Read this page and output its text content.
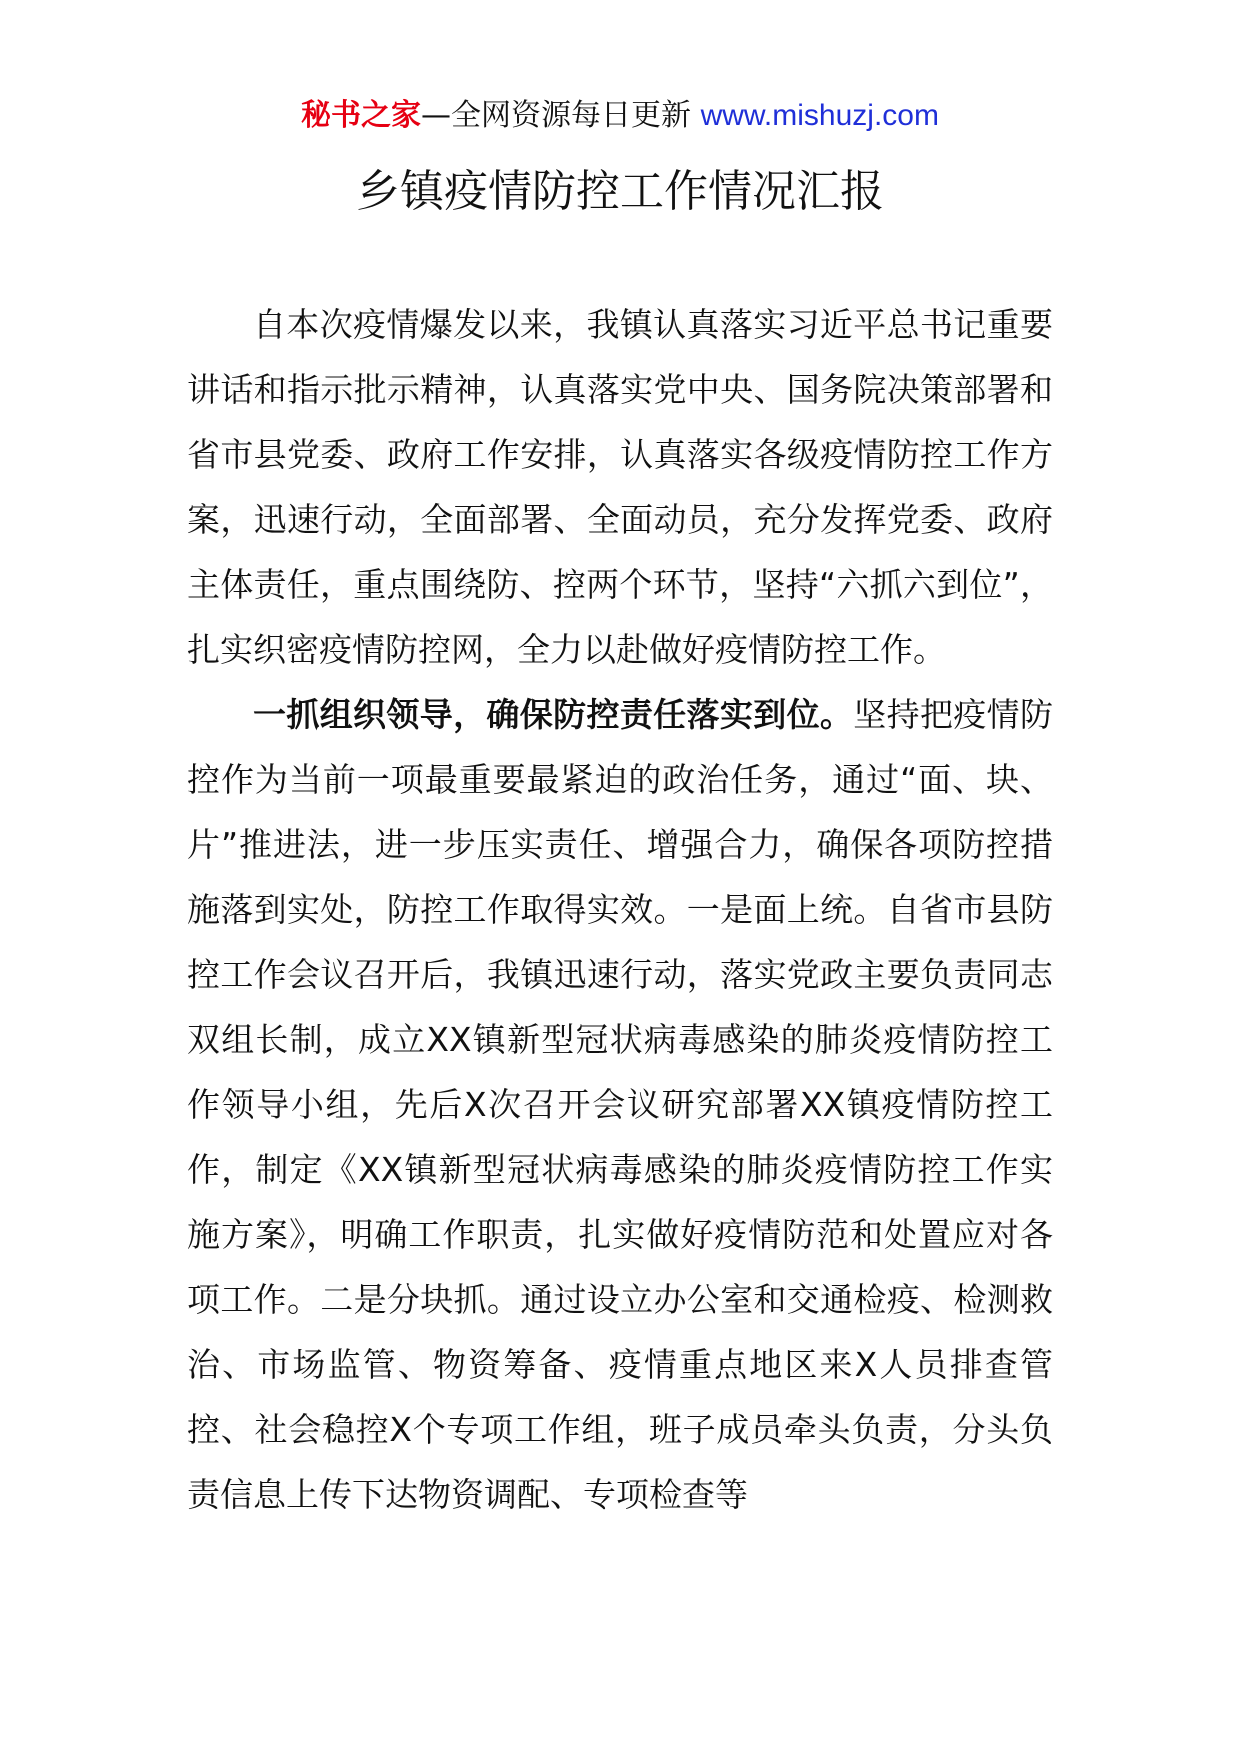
秘书之家—全网资源每日更新 www.mishuzj.com
乡镇疫情防控工作情况汇报

自本次疫情爆发以来，我镇认真落实习近平总书记重要讲话和指示批示精神，认真落实党中央、国务院决策部署和省市县党委、政府工作安排，认真落实各级疫情防控工作方案，迅速行动，全面部署、全面动员，充分发挥党委、政府主体责任，重点围绕防、控两个环节，坚持“六抓六到位”，扎实织密疫情防控网，全力以赴做好疫情防控工作。

一抓组织领导，确保防控责任落实到位。坚持把疫情防控作为当前一项最重要最紧迫的政治任务，通过“面、块、片”推进法，进一步压实责任、增强合力，确保各项防控措施落到实处，防控工作取得实效。一是面上统。自省市县防控工作会议召开后，我镇迅速行动，落实党政主要负责同志双组长制，成立XX镇新型冠状病毒感染的肺炎疫情防控工作领导小组，先后X次召开会议研究部署XX镇疫情防控工作，制定《XX镇新型冠状病毒感染的肺炎疫情防控工作实施方案》，明确工作职责，扎实做好疫情防范和处置应对各项工作。二是分块抓。通过设立办公室和交通检疫、检测救治、市场监管、物资筹备、疫情重点地区来X人员排查管控、社会稳控X个专项工作组，班子成员牵头负责，分头负责信息上传下达物资调配、专项检查等
